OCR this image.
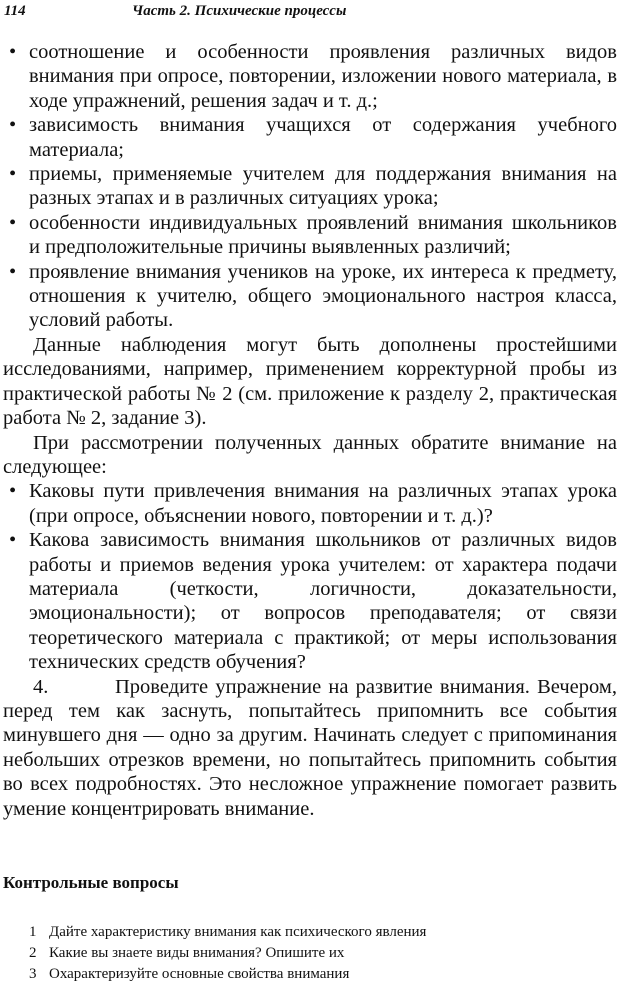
114	Часть 2. Психические процессы
• соотношение и особенности проявления различных видов внимания при опросе, повторении, изложении нового материала, в ходе упражнений, решения задач и т. д.;
• зависимость внимания учащихся от содержания учебного материала;
• приемы, применяемые учителем для поддержания внимания на разных этапах и в различных ситуациях урока;
• особенности индивидуальных проявлений внимания школьников и предположительные причины выявленных различий;
• проявление внимания учеников на уроке, их интереса к предмету, отношения к учителю, общего эмоционального настроя класса, условий работы.

Данные наблюдения могут быть дополнены простейшими исследованиями, например, применением корректурной пробы из практической работы № 2 (см. приложение к разделу 2, практическая работа № 2, задание 3).

При рассмотрении полученных данных обратите внимание на следующее:

• Каковы пути привлечения внимания на различных этапах урока (при опросе, объяснении нового, повторении и т. д.)?
• Какова зависимость внимания школьников от различных видов работы и приемов ведения урока учителем: от характера подачи материала (четкости, логичности, доказательности, эмоциональности); от вопросов преподавателя; от связи теоретического материала с практикой; от меры использования технических средств обучения?

4.	Проведите упражнение на развитие внимания. Вечером, перед тем как заснуть, попытайтесь припомнить все события минувшего дня — одно за другим. Начинать следует с припоминания небольших отрезков времени, но попытайтесь припомнить события во всех подробностях. Это несложное упражнение помогает развить умение концентрировать внимание.

Контрольные вопросы
1 Дайте характеристику внимания как психического явления
2 Какие вы знаете виды внимания? Опишите их
3 Охарактеризуйте основные свойства внимания
